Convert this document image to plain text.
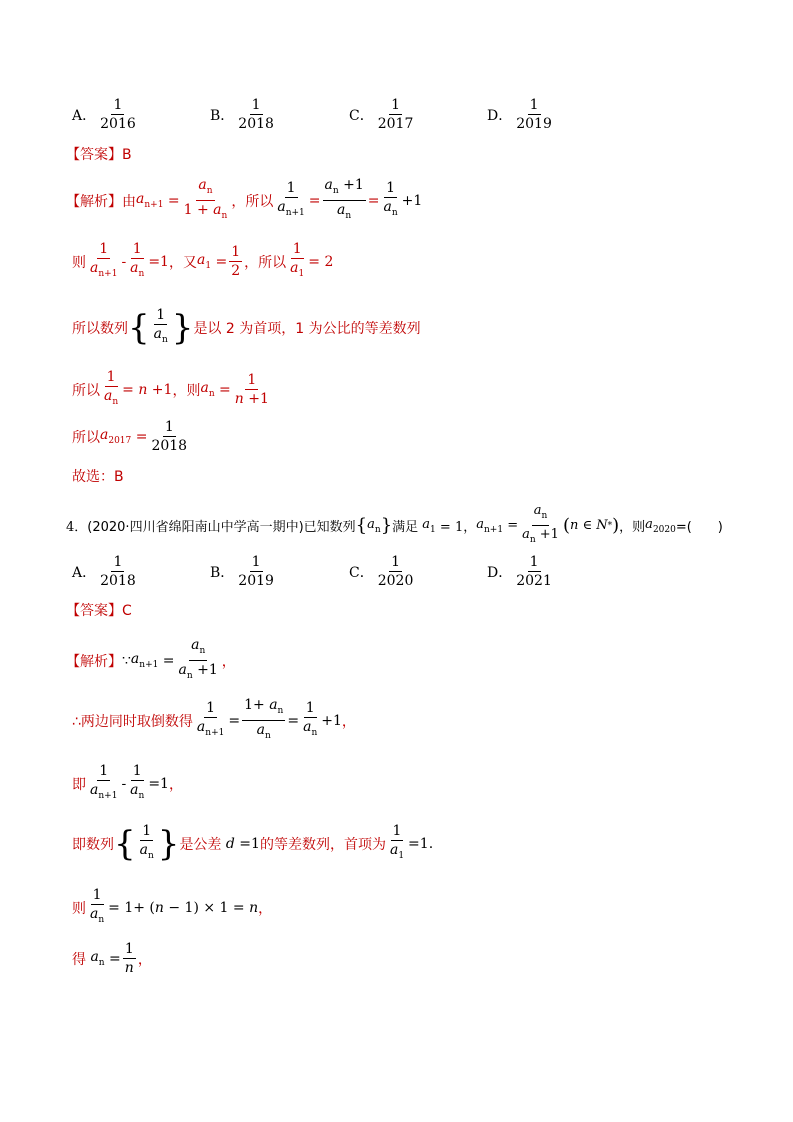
A． $\frac{1}{2016}$	B． $\frac{1}{2018}$	C． $\frac{1}{2017}$	D． $\frac{1}{2019}$
【答案】B
【解析】 由 $a_{n+1} = \frac{a_n}{1 + a_n}$ ，所以 $\frac{1}{a_{n+1}} = \frac{a_n +1}{a_n} = \frac{1}{a_n} +1$
则 $\frac{1}{a_{n+1}} - \frac{1}{a_n} =1$ ，又 $a_1 = \frac{1}{2}$ ，所以 $\frac{1}{a_1} = 2$
所以数列 { $\frac{1}{a_n}$ } 是以 2 为首项，1 为公比的等差数列
所以 $\frac{1}{a_n} = n +1$ ，则 $a_n = \frac{1}{n +1}$
所以 $a_{2017} = \frac{1}{2018}$
故选：B
4． (2020·四川省绵阳南山中学高一期中) 已知数列 { $a_n$ } 满足 $a_1 = 1$， $a_{n+1} = \frac{a_n}{a_n +1}$ ( n ∈ N * ) ，则 $a_{2020}$ =(　　)
A． $\frac{1}{2018}$	B． $\frac{1}{2019}$	C． $\frac{1}{2020}$	D． $\frac{1}{2021}$
【答案】C
【解析】 ∵ $a_{n+1} = \frac{a_n}{a_n +1}$ ，
∴两边同时取倒数得 $\frac{1}{a_{n+1}} = \frac{1+ a_n}{a_n} = \frac{1}{a_n} +1$ ，
即 $\frac{1}{a_{n+1}} - \frac{1}{a_n} =1$ ，
即数列 { $\frac{1}{a_n}$ } 是公差 d =1 的等差数列，首项为 $\frac{1}{a_1} =1$ .
则 $\frac{1}{a_n} = 1+ (n - 1) \times 1 = n$ ，
得 $a_n = \frac{1}{n}$ ，
